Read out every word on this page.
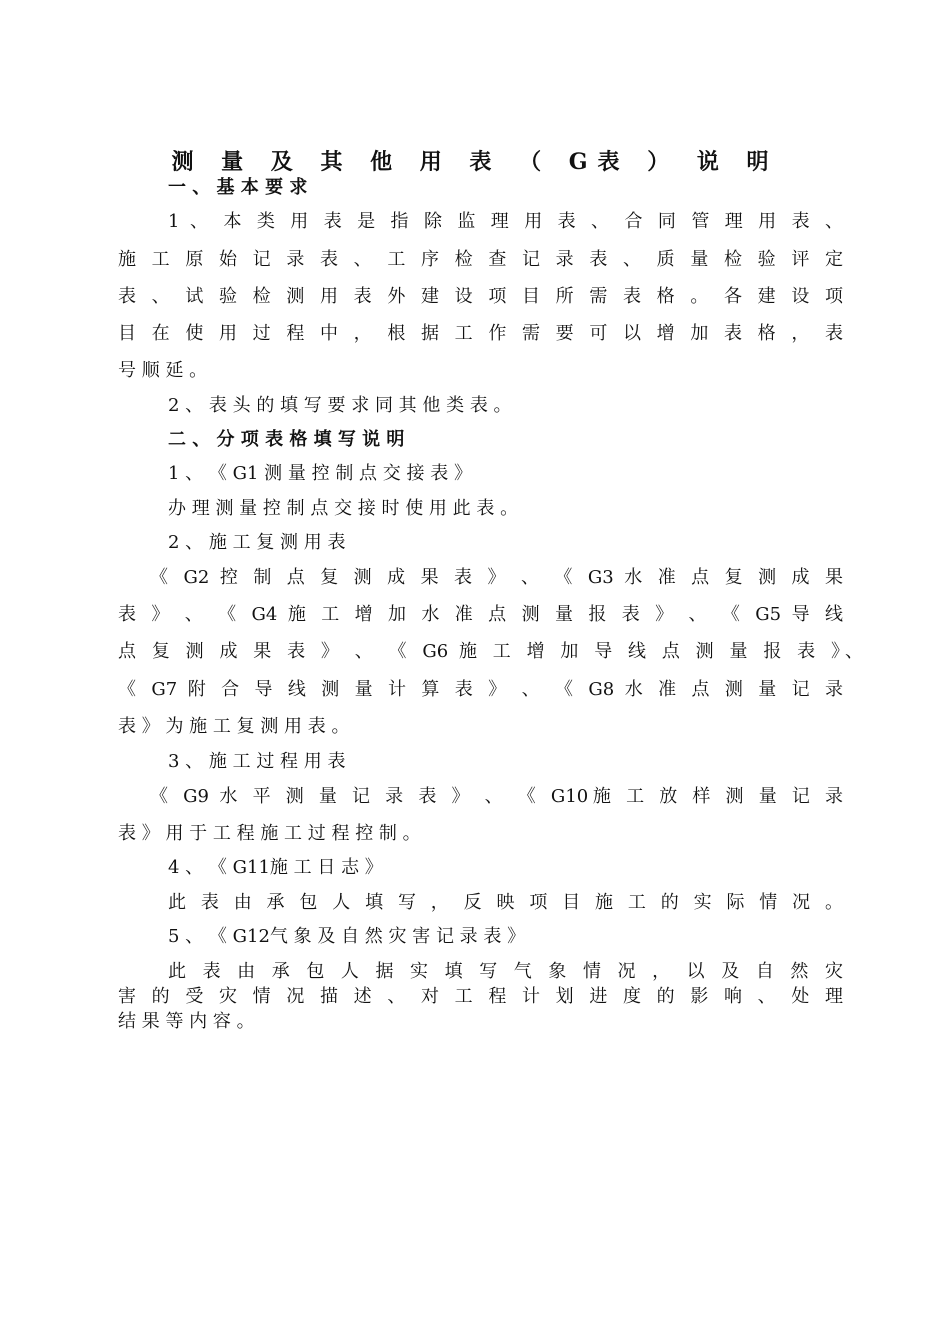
测 量 及 其 他 用 表 （ G表 ） 说 明
一 、 基 本 要 求
1 、 本 类 用 表 是 指 除 监 理 用 表 、 合 同 管 理 用 表 、
施 工 原 始 记 录 表 、 工 序 检 查 记 录 表 、 质 量 检 验 评 定
表 、 试 验 检 测 用 表 外 建 设 项 目 所 需 表 格 。 各 建 设 项
目 在 使 用 过 程 中 ， 根 据 工 作 需 要 可 以 增 加 表 格 ， 表
号 顺 延 。
2 、 表 头 的 填 写 要 求 同 其 他 类 表 。
二 、 分 项 表 格 填 写 说 明
1 、 《 G1 测 量 控 制 点 交 接 表 》
办 理 测 量 控 制 点 交 接 时 使 用 此 表 。
2 、 施 工 复 测 用 表
《 G2 控 制 点 复 测 成 果 表 》 、 《 G3 水 准 点 复 测 成 果
表 》 、 《 G4 施 工 增 加 水 准 点 测 量 报 表 》 、 《 G5 导 线
点 复 测 成 果 表 》 、 《 G6 施 工 增 加 导 线 点 测 量 报 表 》、
《 G7 附 合 导 线 测 量 计 算 表 》 、 《 G8 水 准 点 测 量 记 录
表 》 为 施 工 复 测 用 表 。
3 、 施 工 过 程 用 表
《 G9 水 平 测 量 记 录 表 》 、 《 G10施 工 放 样 测 量 记 录
表 》 用 于 工 程 施 工 过 程 控 制 。
4 、 《 G11施 工 日 志 》
此 表 由 承 包 人 填 写 ， 反 映 项 目 施 工 的 实 际 情 况 。
5 、 《 G12气 象 及 自 然 灾 害 记 录 表 》
此 表 由 承 包 人 据 实 填 写 气 象 情 况 ， 以 及 自 然 灾
害 的 受 灾 情 况 描 述 、 对 工 程 计 划 进 度 的 影 响 、 处 理
结 果 等 内 容 。
